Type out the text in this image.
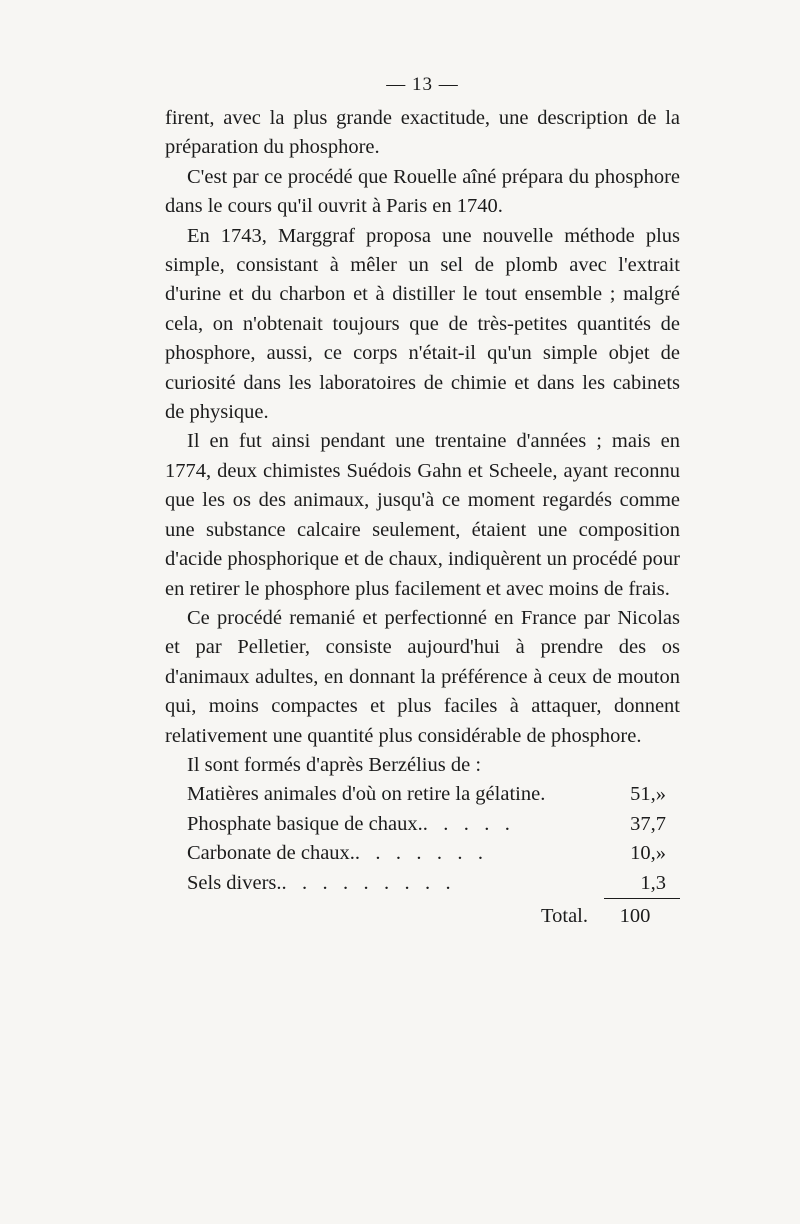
— 13 —

firent, avec la plus grande exactitude, une description de la préparation du phosphore.

C'est par ce procédé que Rouelle aîné prépara du phosphore dans le cours qu'il ouvrit à Paris en 1740.

En 1743, Marggraf proposa une nouvelle méthode plus simple, consistant à mêler un sel de plomb avec l'extrait d'urine et du charbon et à distiller le tout ensemble ; malgré cela, on n'obtenait toujours que de très-petites quantités de phosphore, aussi, ce corps n'était-il qu'un simple objet de curiosité dans les laboratoires de chimie et dans les cabinets de physique.

Il en fut ainsi pendant une trentaine d'années ; mais en 1774, deux chimistes Suédois Gahn et Scheele, ayant reconnu que les os des animaux, jusqu'à ce moment regardés comme une substance calcaire seulement, étaient une composition d'acide phosphorique et de chaux, indiquèrent un procédé pour en retirer le phosphore plus facilement et avec moins de frais.

Ce procédé remanié et perfectionné en France par Nicolas et par Pelletier, consiste aujourd'hui à prendre des os d'animaux adultes, en donnant la préférence à ceux de mouton qui, moins compactes et plus faciles à attaquer, donnent relativement une quantité plus considérable de phosphore.

Il sont formés d'après Berzélius de :

Matières animales d'où on retire la gélatine.	51,»
Phosphate basique de chaux..   .   .   .   .	37,7
Carbonate de chaux..   .   .   .   .   .   .	10,»
Sels divers..   .   .   .   .   .   .   .   .	1,3
Total.	100
